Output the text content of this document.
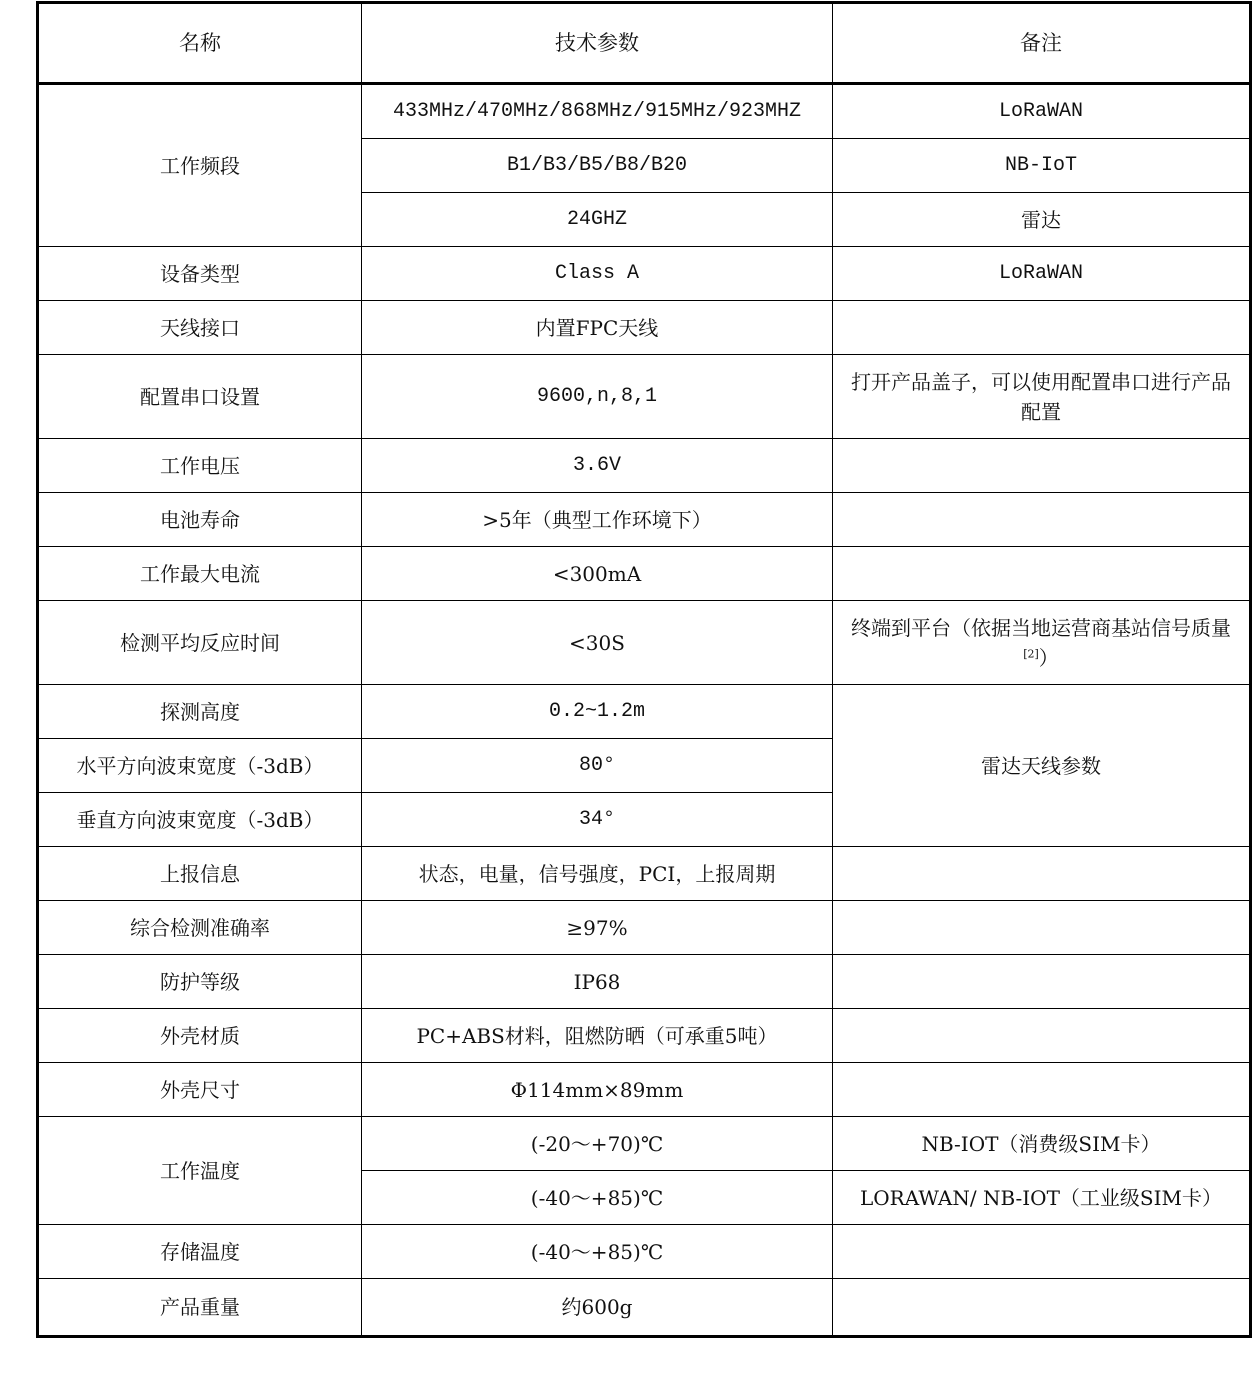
名称	技术参数	备注
工作频段	433MHz/470MHz/868MHz/915MHz/923MHZ	LoRaWAN
	B1/B3/B5/B8/B20	NB-IoT
	24GHZ	雷达
设备类型	Class A	LoRaWAN
天线接口	内置FPC天线	
配置串口设置	9600,n,8,1	打开产品盖子，可以使用配置串口进行产品配置
工作电压	3.6V	
电池寿命	>5年（典型工作环境下）	
工作最大电流	<300mA	
检测平均反应时间	<30S	终端到平台（依据当地运营商基站信号质量[2]）
探测高度	0.2~1.2m	雷达天线参数
水平方向波束宽度（-3dB）	80°	
垂直方向波束宽度（-3dB）	34°	
上报信息	状态，电量，信号强度，PCI，上报周期	
综合检测准确率	≥97%	
防护等级	IP68	
外壳材质	PC+ABS材料，阻燃防晒（可承重5吨）	
外壳尺寸	Φ114mm×89mm	
工作温度	(-20～+70)℃	NB-IOT（消费级SIM卡）
	(-40～+85)℃	LORAWAN/ NB-IOT（工业级SIM卡）
存储温度	(-40～+85)℃	
产品重量	约600g	
